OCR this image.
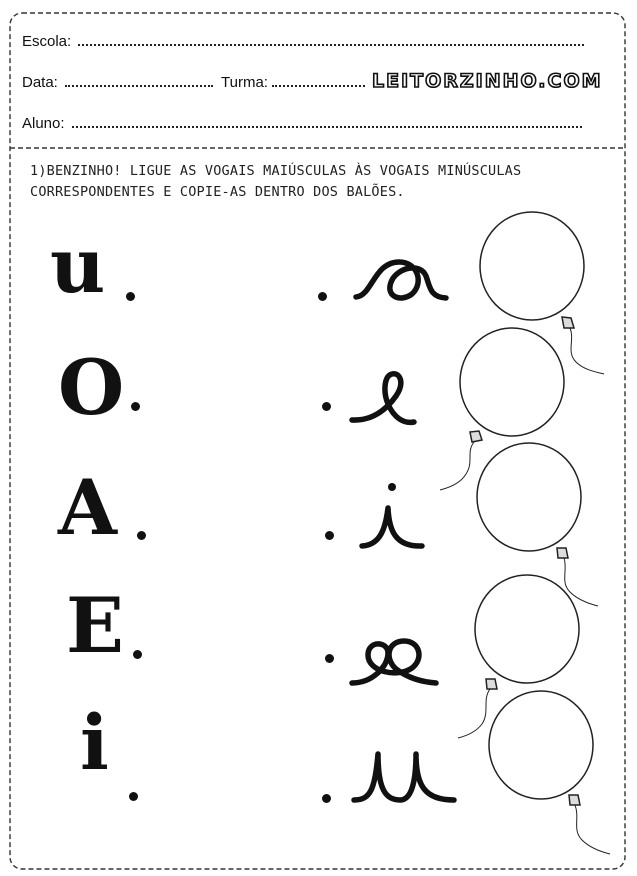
Escola:
Data:	Turma:	LEITORZINHO.COM
Aluno:
1)BENZINHO! LIGUE AS VOGAIS MAIÚSCULAS ÀS VOGAIS MINÚSCULAS
CORRESPONDENTES E COPIE-AS DENTRO DOS BALÕES.
u
O
A
E
i
